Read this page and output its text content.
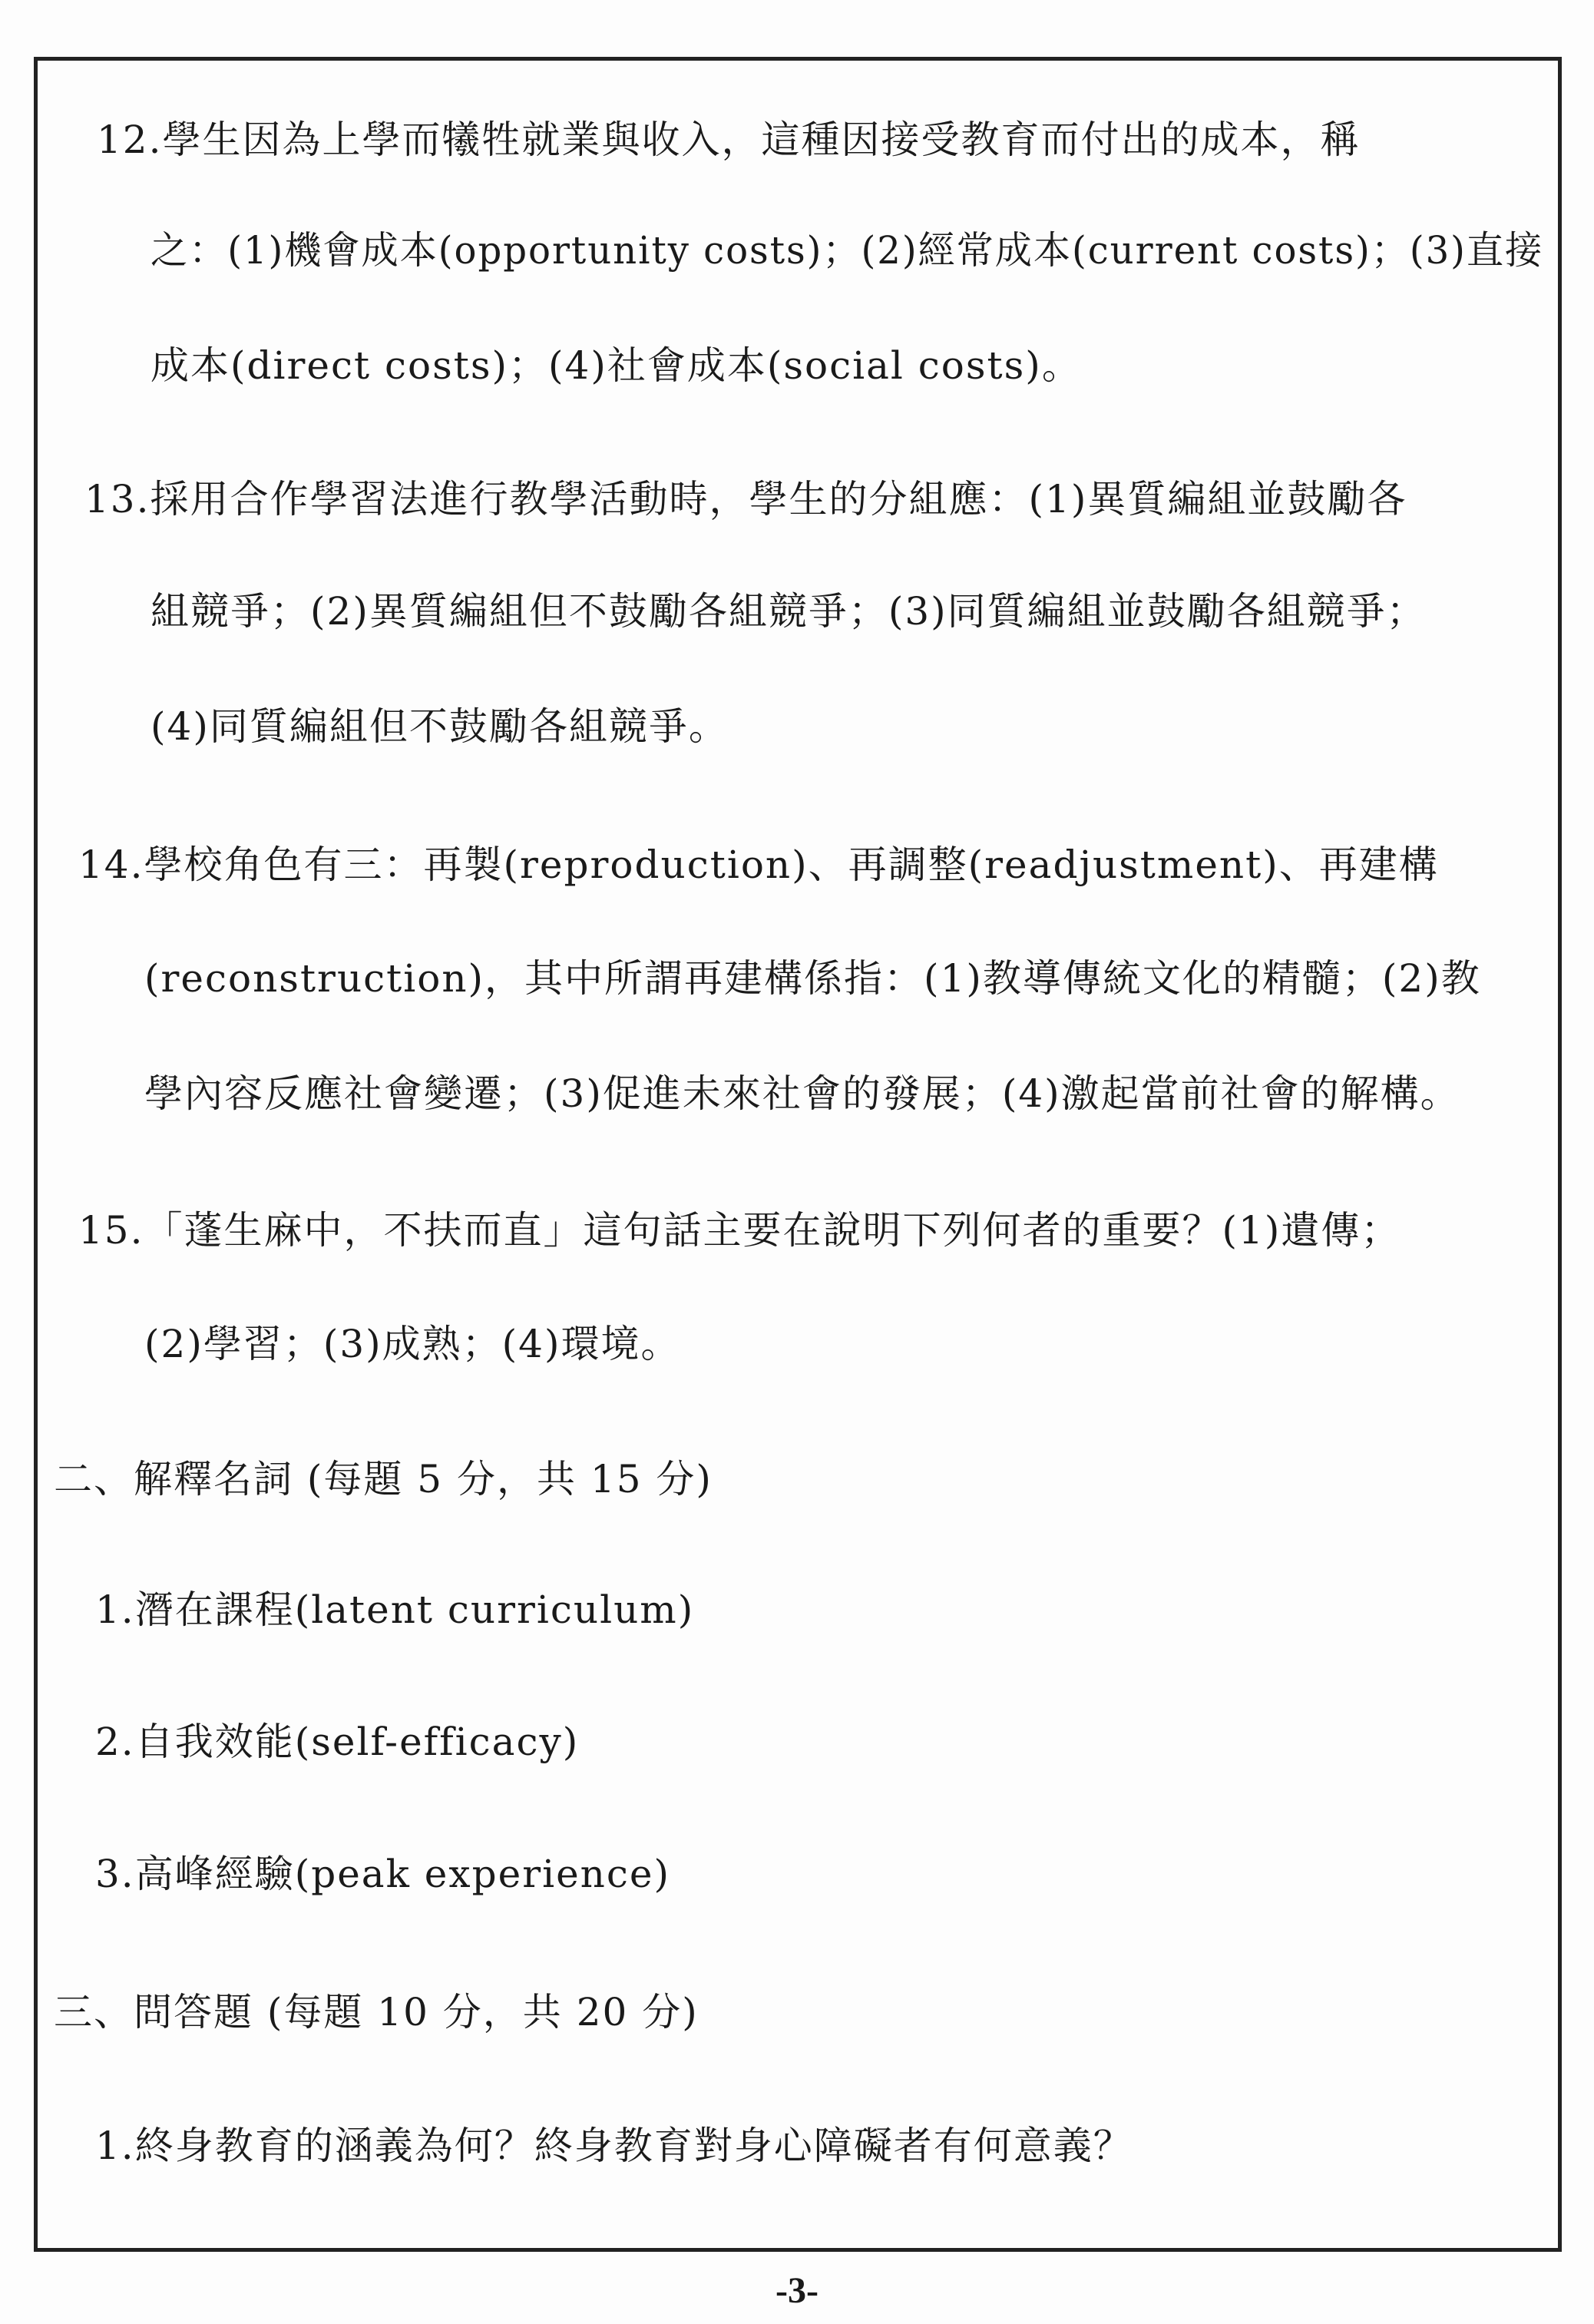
12.學生因為上學而犧牲就業與收入，這種因接受教育而付出的成本，稱
之：(1)機會成本(opportunity costs)；(2)經常成本(current costs)；(3)直接
成本(direct costs)；(4)社會成本(social costs)。
13.採用合作學習法進行教學活動時，學生的分組應：(1)異質編組並鼓勵各
組競爭；(2)異質編組但不鼓勵各組競爭；(3)同質編組並鼓勵各組競爭；
(4)同質編組但不鼓勵各組競爭。
14.學校角色有三：再製(reproduction)、再調整(readjustment)、再建構
(reconstruction)，其中所謂再建構係指：(1)教導傳統文化的精髓；(2)教
學內容反應社會變遷；(3)促進未來社會的發展；(4)激起當前社會的解構。
15.「蓬生麻中，不扶而直」這句話主要在說明下列何者的重要？(1)遺傳；
(2)學習；(3)成熟；(4)環境。
二、解釋名詞 (每題 5 分，共 15 分)
1.潛在課程(latent curriculum)
2.自我效能(self-efficacy)
3.高峰經驗(peak experience)
三、問答題 (每題 10 分，共 20 分)
1.終身教育的涵義為何？終身教育對身心障礙者有何意義？
-3-
